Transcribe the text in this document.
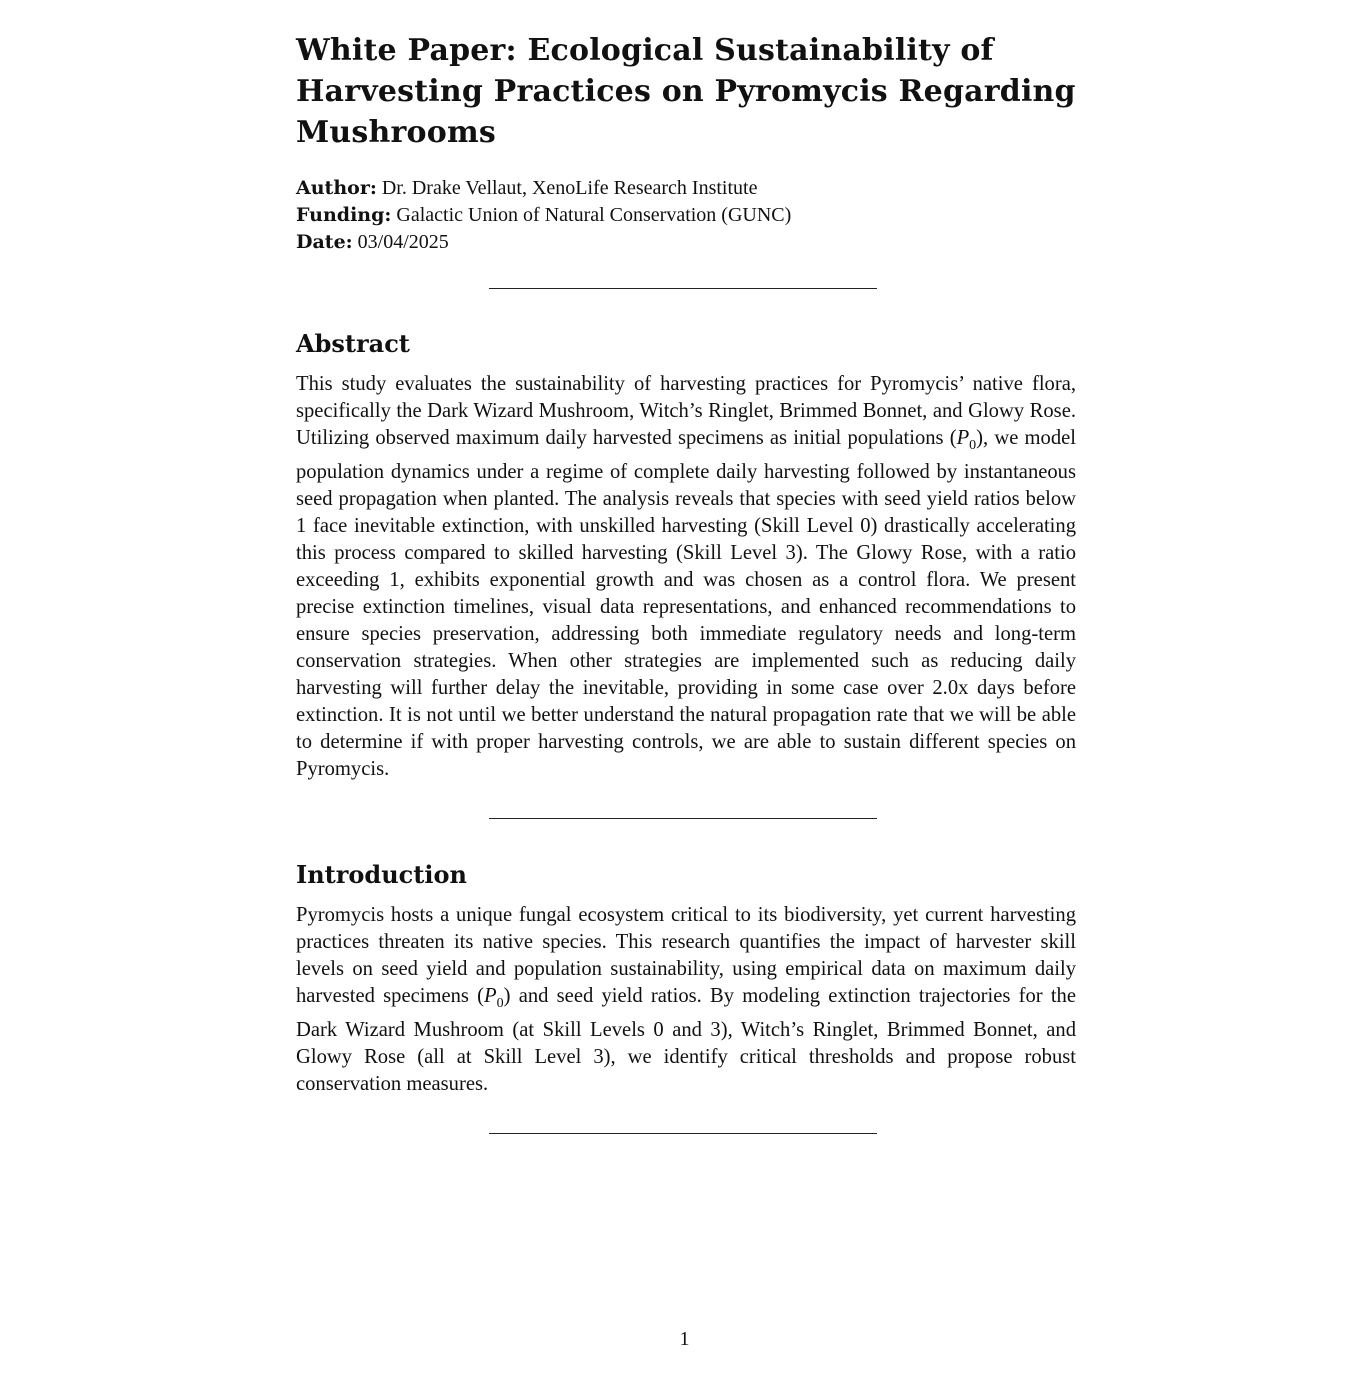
White Paper: Ecological Sustainability of Harvesting Practices on Pyromycis Regarding Mushrooms
Author: Dr. Drake Vellaut, XenoLife Research Institute
Funding: Galactic Union of Natural Conservation (GUNC)
Date: 03/04/2025
Abstract

This study evaluates the sustainability of harvesting practices for Pyromycis’ native flora, specifically the Dark Wizard Mushroom, Witch’s Ringlet, Brimmed Bonnet, and Glowy Rose. Utilizing observed maximum daily harvested specimens as initial populations $(P_0)$, we model population dynamics under a regime of complete daily harvesting followed by instantaneous seed propagation when planted. The analysis reveals that species with seed yield ratios below 1 face inevitable extinction, with unskilled harvesting (Skill Level 0) drastically accelerating this process compared to skilled harvesting (Skill Level 3). The Glowy Rose, with a ratio exceeding 1, exhibits exponential growth and was chosen as a control flora. We present precise extinction timelines, visual data representations, and enhanced recommendations to ensure species preservation, addressing both immediate regulatory needs and long-term conservation strategies. When other strategies are implemented such as reducing daily harvesting will further delay the inevitable, providing in some case over 2.0x days before extinction. It is not until we better understand the natural propagation rate that we will be able to determine if with proper harvesting controls, we are able to sustain different species on Pyromycis.

Introduction

Pyromycis hosts a unique fungal ecosystem critical to its biodiversity, yet current harvesting practices threaten its native species. This research quantifies the impact of harvester skill levels on seed yield and population sustainability, using empirical data on maximum daily harvested specimens $(P_0)$ and seed yield ratios. By modeling extinction trajectories for the Dark Wizard Mushroom (at Skill Levels 0 and 3), Witch’s Ringlet, Brimmed Bonnet, and Glowy Rose (all at Skill Level 3), we identify critical thresholds and propose robust conservation measures.

1
